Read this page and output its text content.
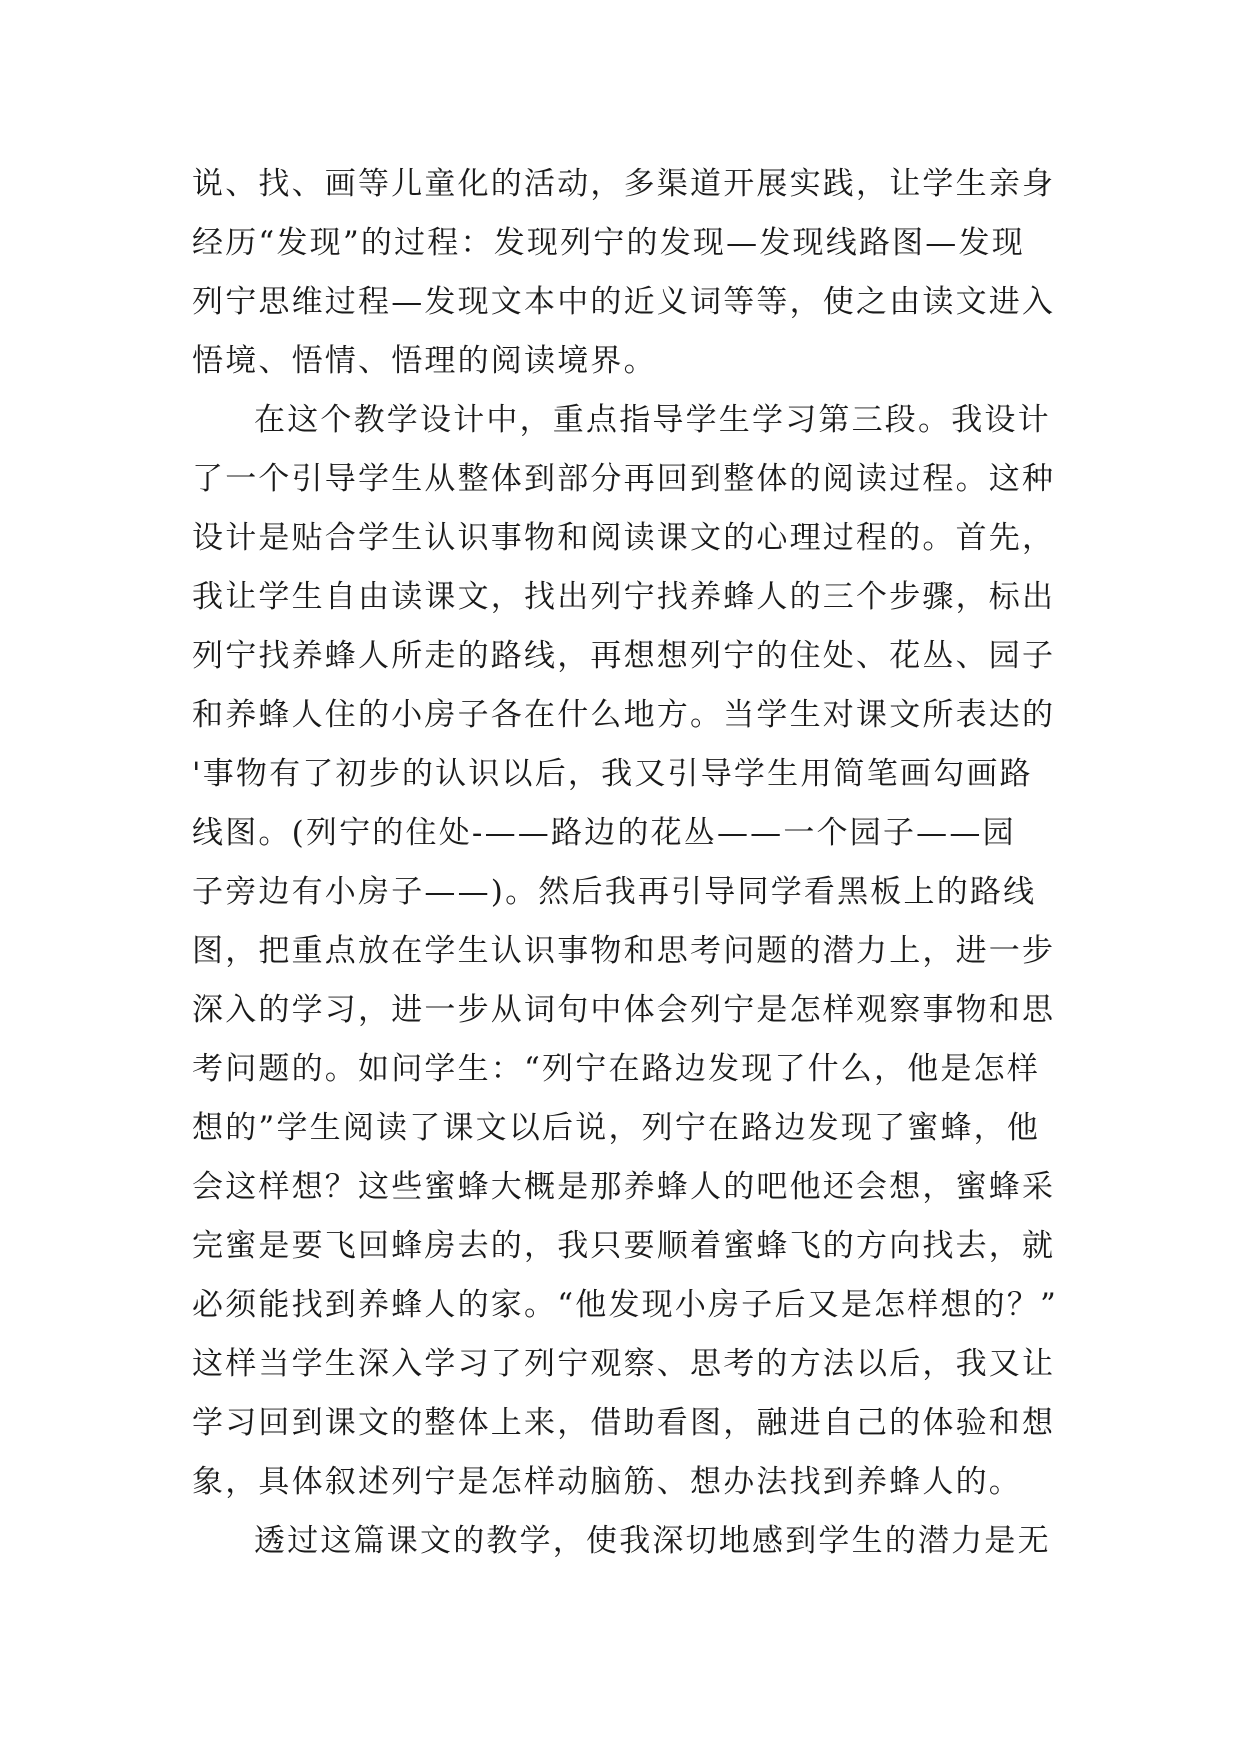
说、找、画等儿童化的活动，多渠道开展实践，让学生亲身
经历“发现”的过程：发现列宁的发现—发现线路图—发现
列宁思维过程—发现文本中的近义词等等，使之由读文进入
悟境、悟情、悟理的阅读境界。
在这个教学设计中，重点指导学生学习第三段。我设计
了一个引导学生从整体到部分再回到整体的阅读过程。这种
设计是贴合学生认识事物和阅读课文的心理过程的。首先，
我让学生自由读课文，找出列宁找养蜂人的三个步骤，标出
列宁找养蜂人所走的路线，再想想列宁的住处、花丛、园子
和养蜂人住的小房子各在什么地方。当学生对课文所表达的
'事物有了初步的认识以后，我又引导学生用简笔画勾画路
线图。(列宁的住处-——路边的花丛——一个园子——园
子旁边有小房子——)。然后我再引导同学看黑板上的路线
图，把重点放在学生认识事物和思考问题的潜力上，进一步
深入的学习，进一步从词句中体会列宁是怎样观察事物和思
考问题的。如问学生：“列宁在路边发现了什么，他是怎样
想的”学生阅读了课文以后说，列宁在路边发现了蜜蜂，他
会这样想？这些蜜蜂大概是那养蜂人的吧他还会想，蜜蜂采
完蜜是要飞回蜂房去的，我只要顺着蜜蜂飞的方向找去，就
必须能找到养蜂人的家。“他发现小房子后又是怎样想的？”
这样当学生深入学习了列宁观察、思考的方法以后，我又让
学习回到课文的整体上来，借助看图，融进自己的体验和想
象，具体叙述列宁是怎样动脑筋、想办法找到养蜂人的。
透过这篇课文的教学，使我深切地感到学生的潜力是无
